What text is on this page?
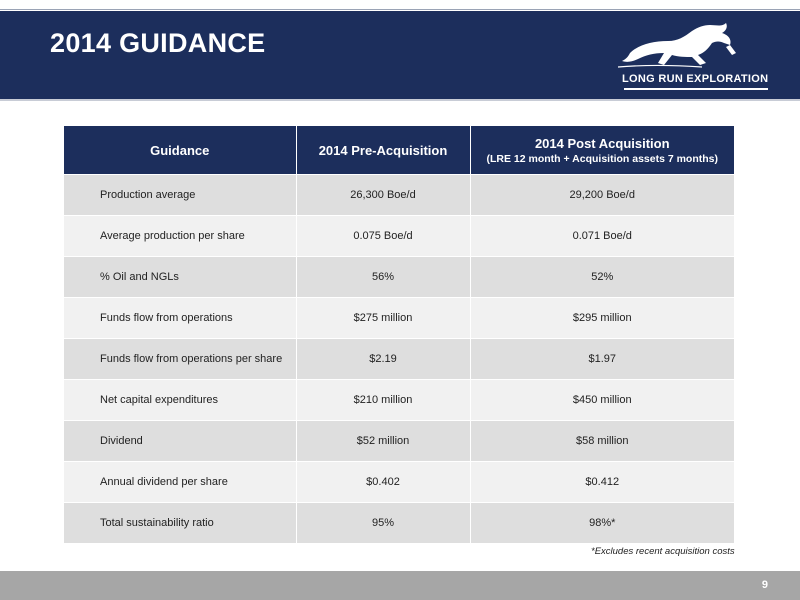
2014 GUIDANCE
LONG RUN EXPLORATION
Guidance	2014 Pre-Acquisition	2014 Post Acquisition
(LRE 12 month + Acquisition assets 7 months)

Production average	26,300 Boe/d	29,200 Boe/d
Average production per share	0.075 Boe/d	0.071 Boe/d
% Oil and NGLs	56%	52%
Funds flow from operations	$275 million	$295 million
Funds flow from operations per share	$2.19	$1.97
Net capital expenditures	$210 million	$450 million
Dividend	$52 million	$58 million
Annual dividend per share	$0.402	$0.412
Total sustainability ratio	95%	98%*
*Excludes recent acquisition costs
9
